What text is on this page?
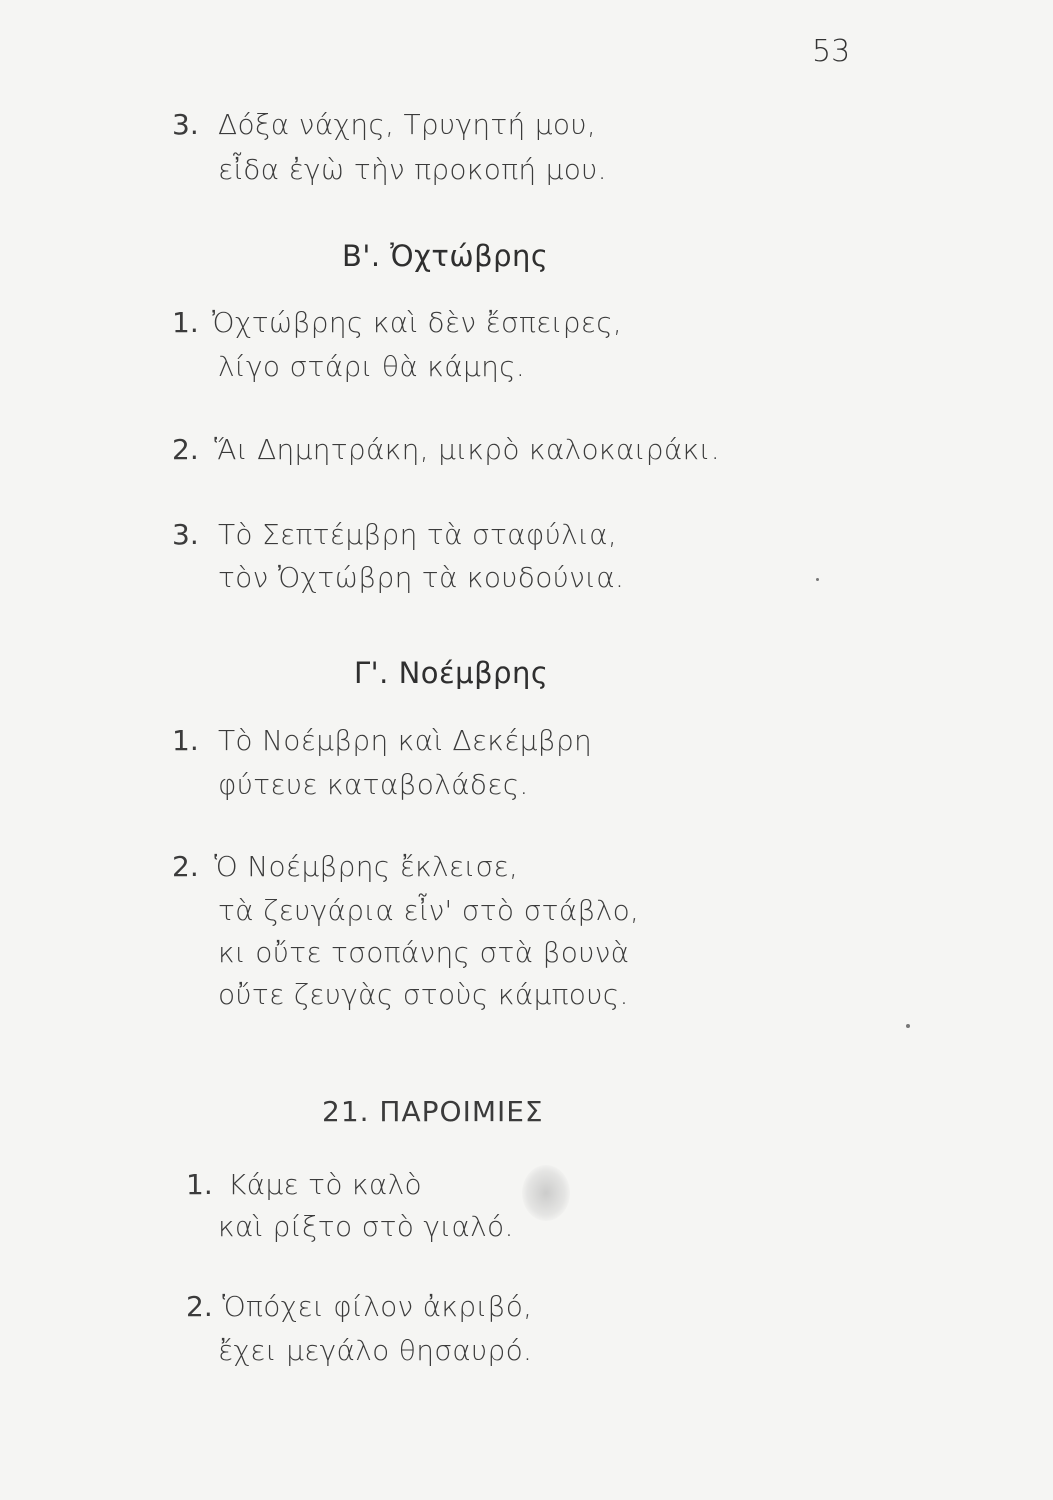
53
3. Δόξα νάχης, Τρυγητή μου,
εἶδα ἐγὼ τὴν προκοπή μου.
Β'. Ὀχτώβρης
1. Ὀχτώβρης καὶ δὲν ἔσπειρες,
λίγο στάρι θὰ κάμης.
2. Ἅι Δημητράκη, μικρὸ καλοκαιράκι.
3. Τὸ Σεπτέμβρη τὰ σταφύλια,
τὸν Ὀχτώβρη τὰ κουδούνια.
Γ'. Νοέμβρης
1. Τὸ Νοέμβρη καὶ Δεκέμβρη
φύτευε καταβολάδες.
2. Ὁ Νοέμβρης ἔκλεισε,
τὰ ζευγάρια εἶν' στὸ στάβλο,
κι οὔτε τσοπάνης στὰ βουνὰ
οὔτε ζευγὰς στοὺς κάμπους.
21. ΠΑΡΟΙΜΙΕΣ
1. Κάμε τὸ καλὸ
καὶ ρίξτο στὸ γιαλό.
2. Ὁπόχει φίλον ἀκριβό,
ἔχει μεγάλο θησαυρό.
